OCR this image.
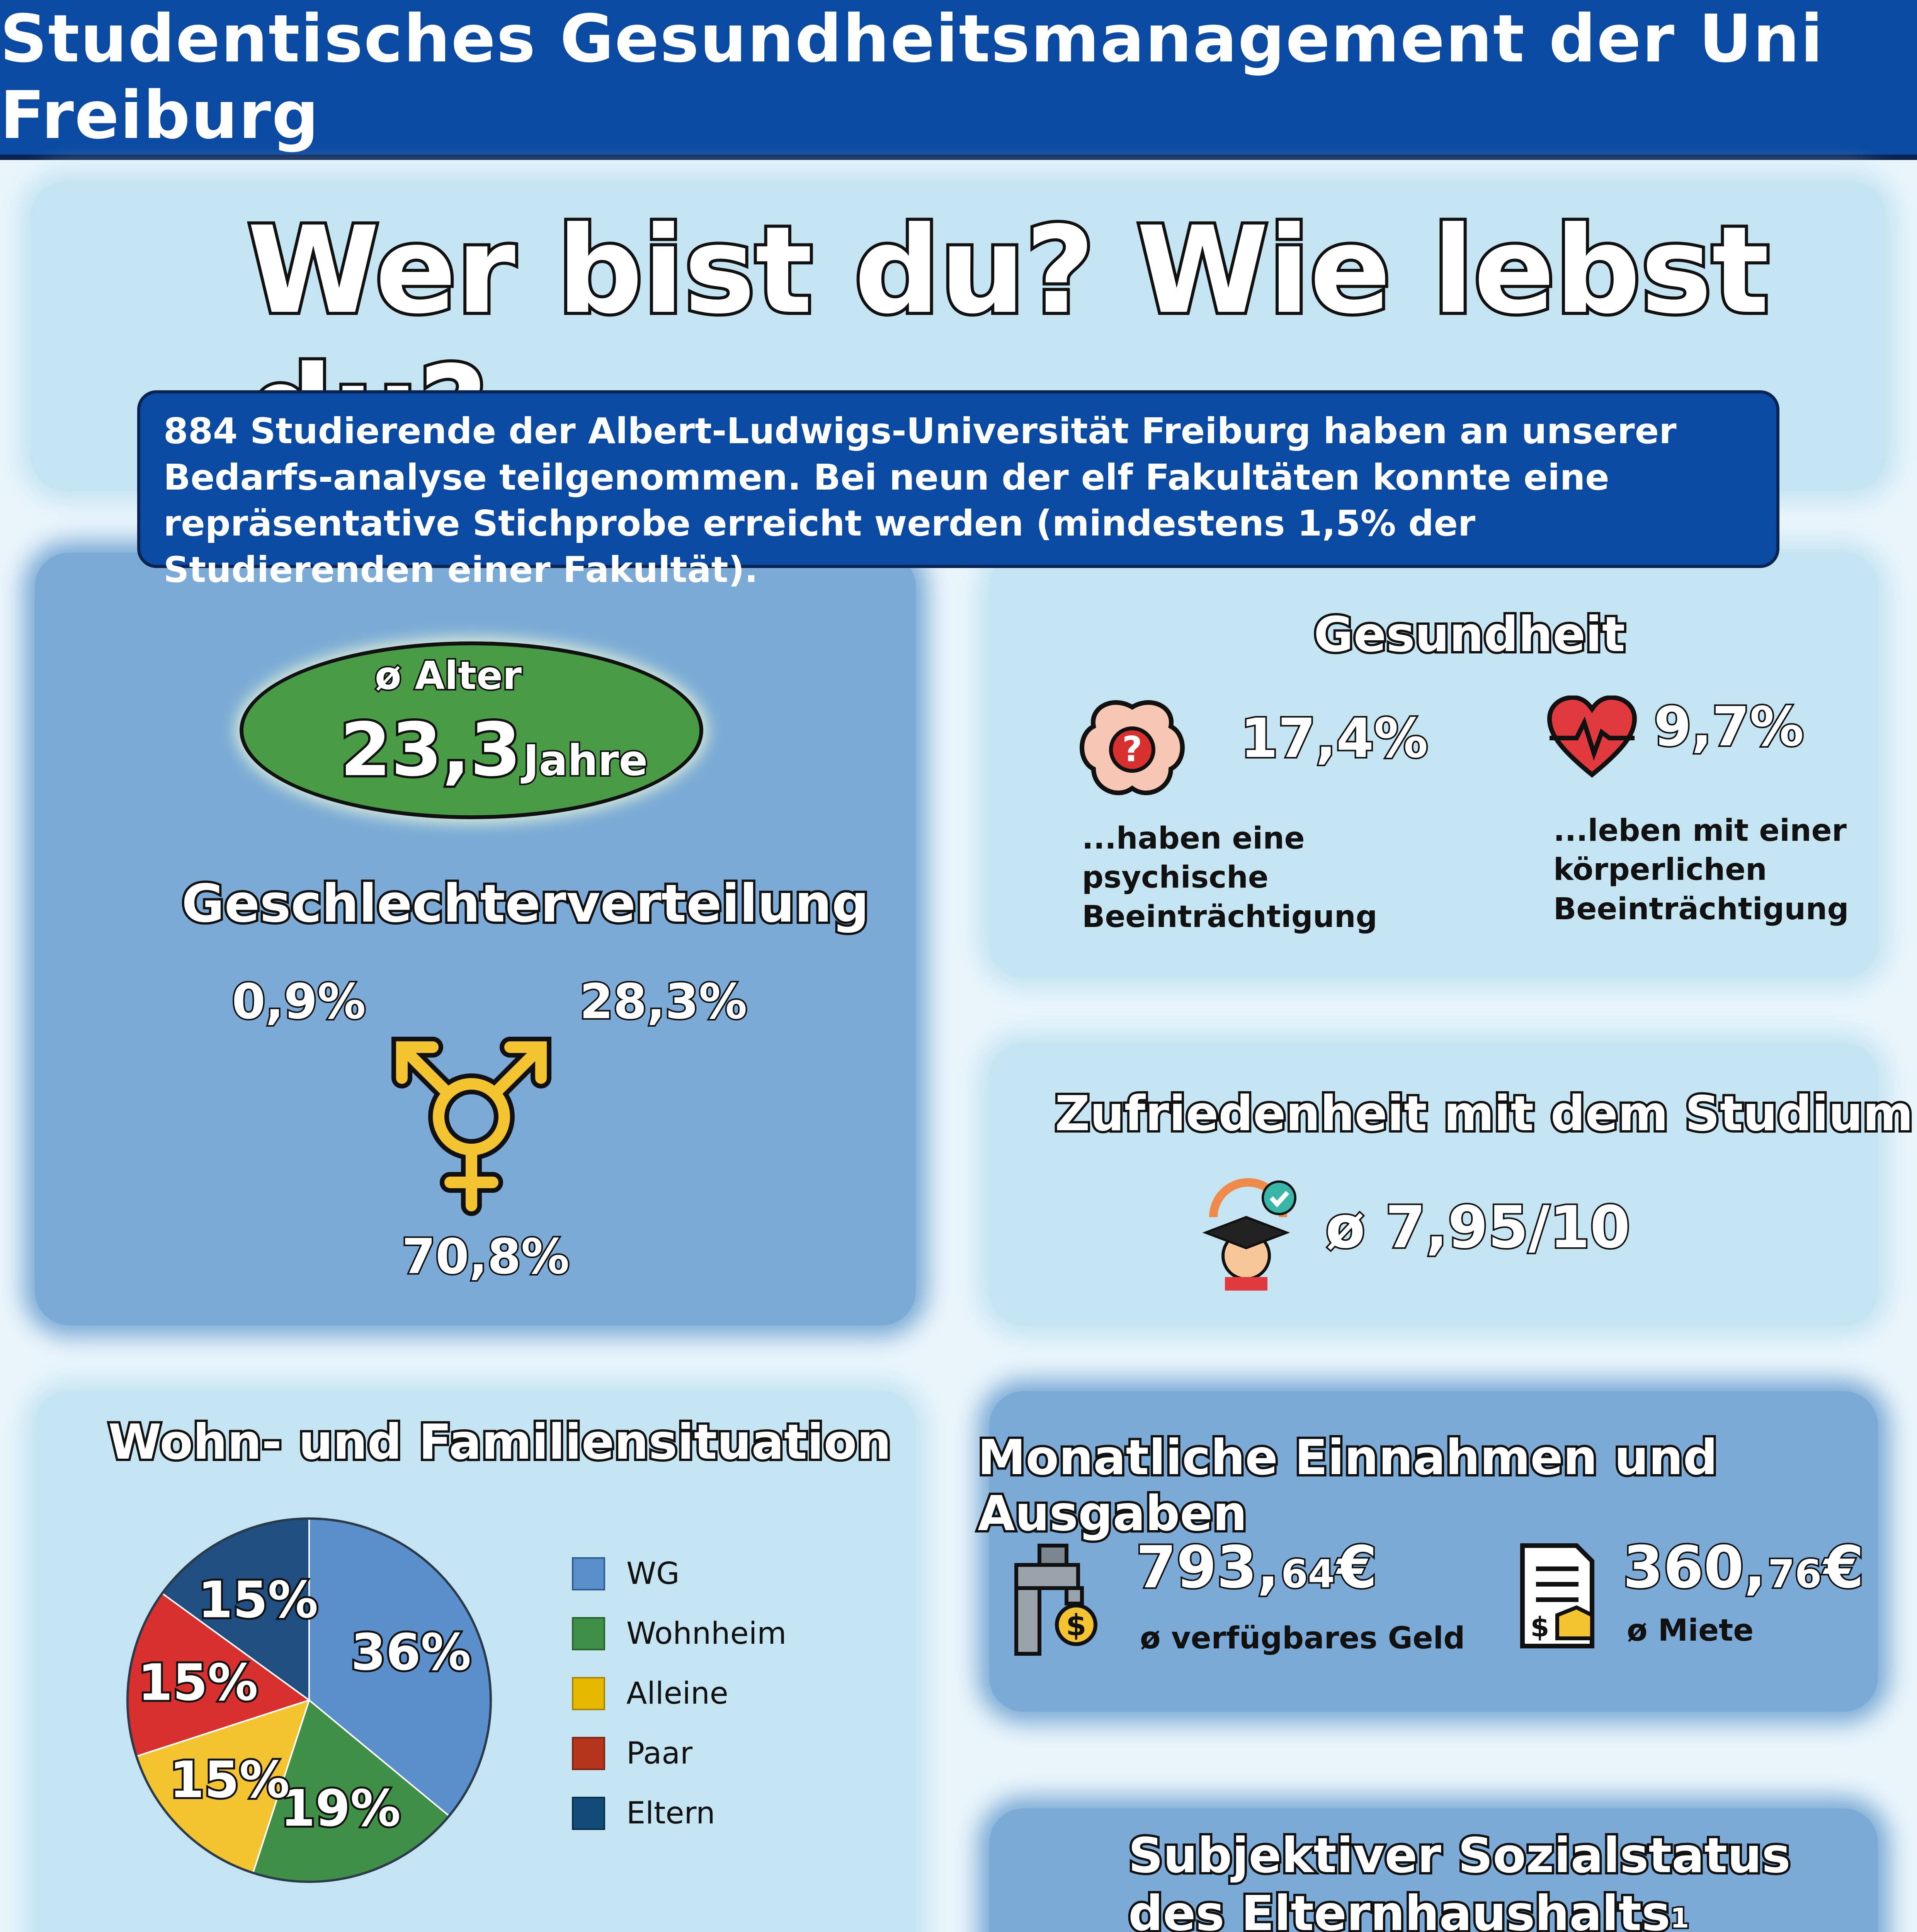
Studentisches Gesundheitsmanagement der Uni Freiburg
Wer bist du? Wie lebst
884 Studierende der Albert-Ludwigs-Universität Freiburg haben an unserer Bedarfs-analyse teilgenommen. Bei neun der elf Fakultäten konnte eine repräsentative Stichprobe erreicht werden (mindestens 1,5% der Studierenden einer Fakultät).
ø Alter
23,3 Jahre
Geschlechterverteilung
0,9%	28,3%
70,8%
Gesundheit
? 17,4%
...haben eine psychische Beeinträchtigung
9,7%
...leben mit einer körperlichen Beeinträchtigung
Zufriedenheit mit dem Studium
ø 7,95/10
Wohn- und Familiensituation
36%
19%
15%
15%
15%	WG
Wohnheim
Alleine
Paar
Eltern
Monatliche Einnahmen und Ausgaben
$
793, 64 €
ø verfügbares Geld $
360, 76 €
ø Miete
Subjektiver Sozialstatus
des Elternhaushalts$^1$
